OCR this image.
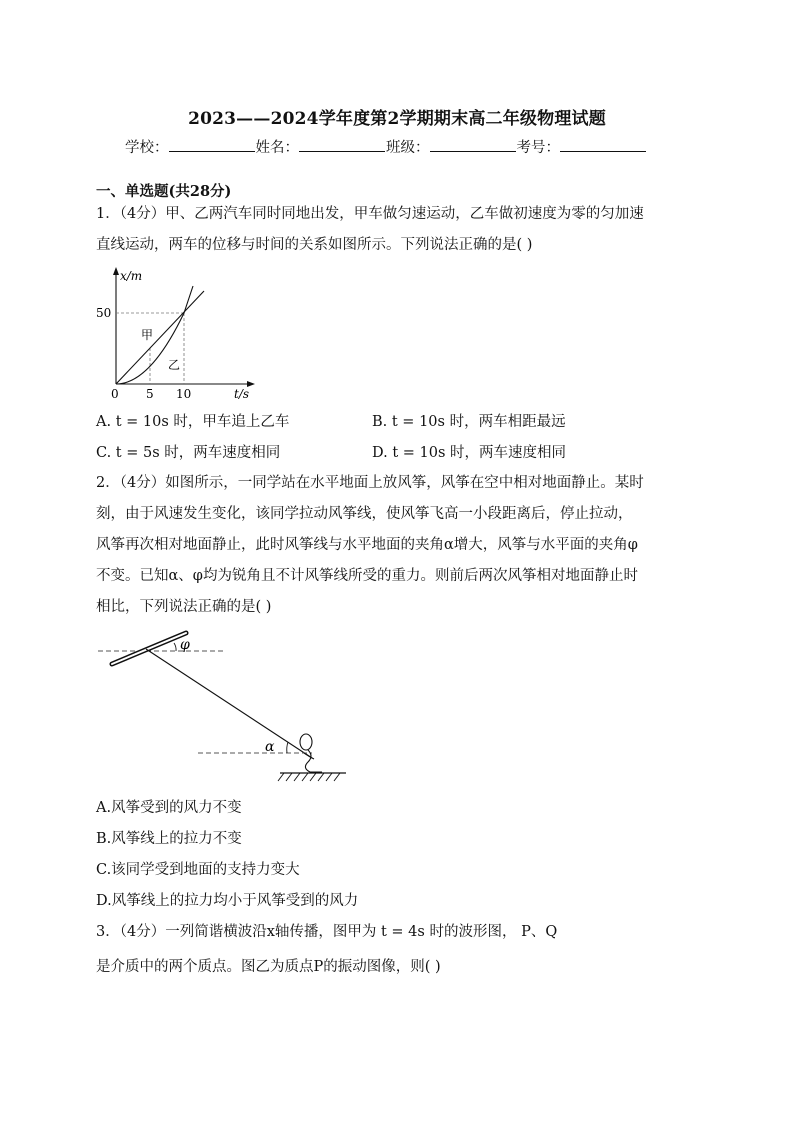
2023——2024学年度第2学期期末高二年级物理试题
学校：	姓名：	班级：	考号：
一、单选题(共28分)
1．（4分）甲、乙两汽车同时同地出发，甲车做匀速运动，乙车做初速度为零的匀加速
直线运动，两车的位移与时间的关系如图所示。下列说法正确的是( )
x/m
50
0 5 10	t/s
甲
乙
A. t = 10s 时，甲车追上乙车	B. t = 10s 时，两车相距最远
C. t = 5s 时，两车速度相同	D. t = 10s 时，两车速度相同
2．（4分）如图所示，一同学站在水平地面上放风筝，风筝在空中相对地面静止。某时
刻，由于风速发生变化，该同学拉动风筝线，使风筝飞高一小段距离后，停止拉动，
风筝再次相对地面静止，此时风筝线与水平地面的夹角α增大，风筝与水平面的夹角φ
不变。已知α、φ均为锐角且不计风筝线所受的重力。则前后两次风筝相对地面静止时
相比，下列说法正确的是( )
φ
α
A.风筝受到的风力不变
B.风筝线上的拉力不变
C.该同学受到地面的支持力变大
D.风筝线上的拉力均小于风筝受到的风力
3．（4分）一列简谐横波沿x轴传播，图甲为 t = 4s 时的波形图， P、Q
是介质中的两个质点。图乙为质点P的振动图像，则( )
